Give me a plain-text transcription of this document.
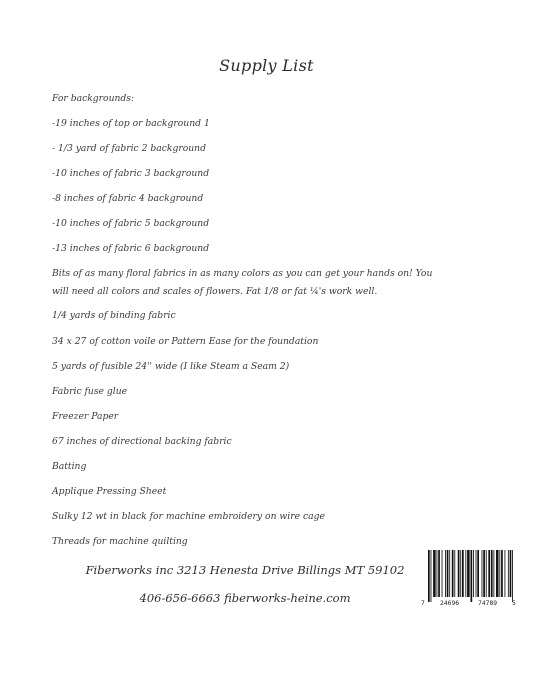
Supply List
For backgrounds:
-19 inches of top or background 1
- 1/3 yard of fabric 2 background
-10 inches of fabric 3 background
-8 inches of fabric 4 background
-10 inches of fabric 5 background
-13 inches of fabric 6 background
Bits of as many floral fabrics in as many colors as you can get your hands on! You
will need all colors and scales of flowers. Fat 1/8 or fat ¼'s work well.
1/4 yards of binding fabric
34 x 27 of cotton voile or Pattern Ease for the foundation
5 yards of fusible 24'' wide (I like Steam a Seam 2)
Fabric fuse glue
Freezer Paper
67 inches of directional backing fabric
Batting
Applique Pressing Sheet
Sulky 12 wt in black for machine embroidery on wire cage
Threads for machine quilting
Fiberworks inc 3213 Henesta Drive Billings MT 59102
406-656-6663 fiberworks-heine.com	7	24696	74789 5
